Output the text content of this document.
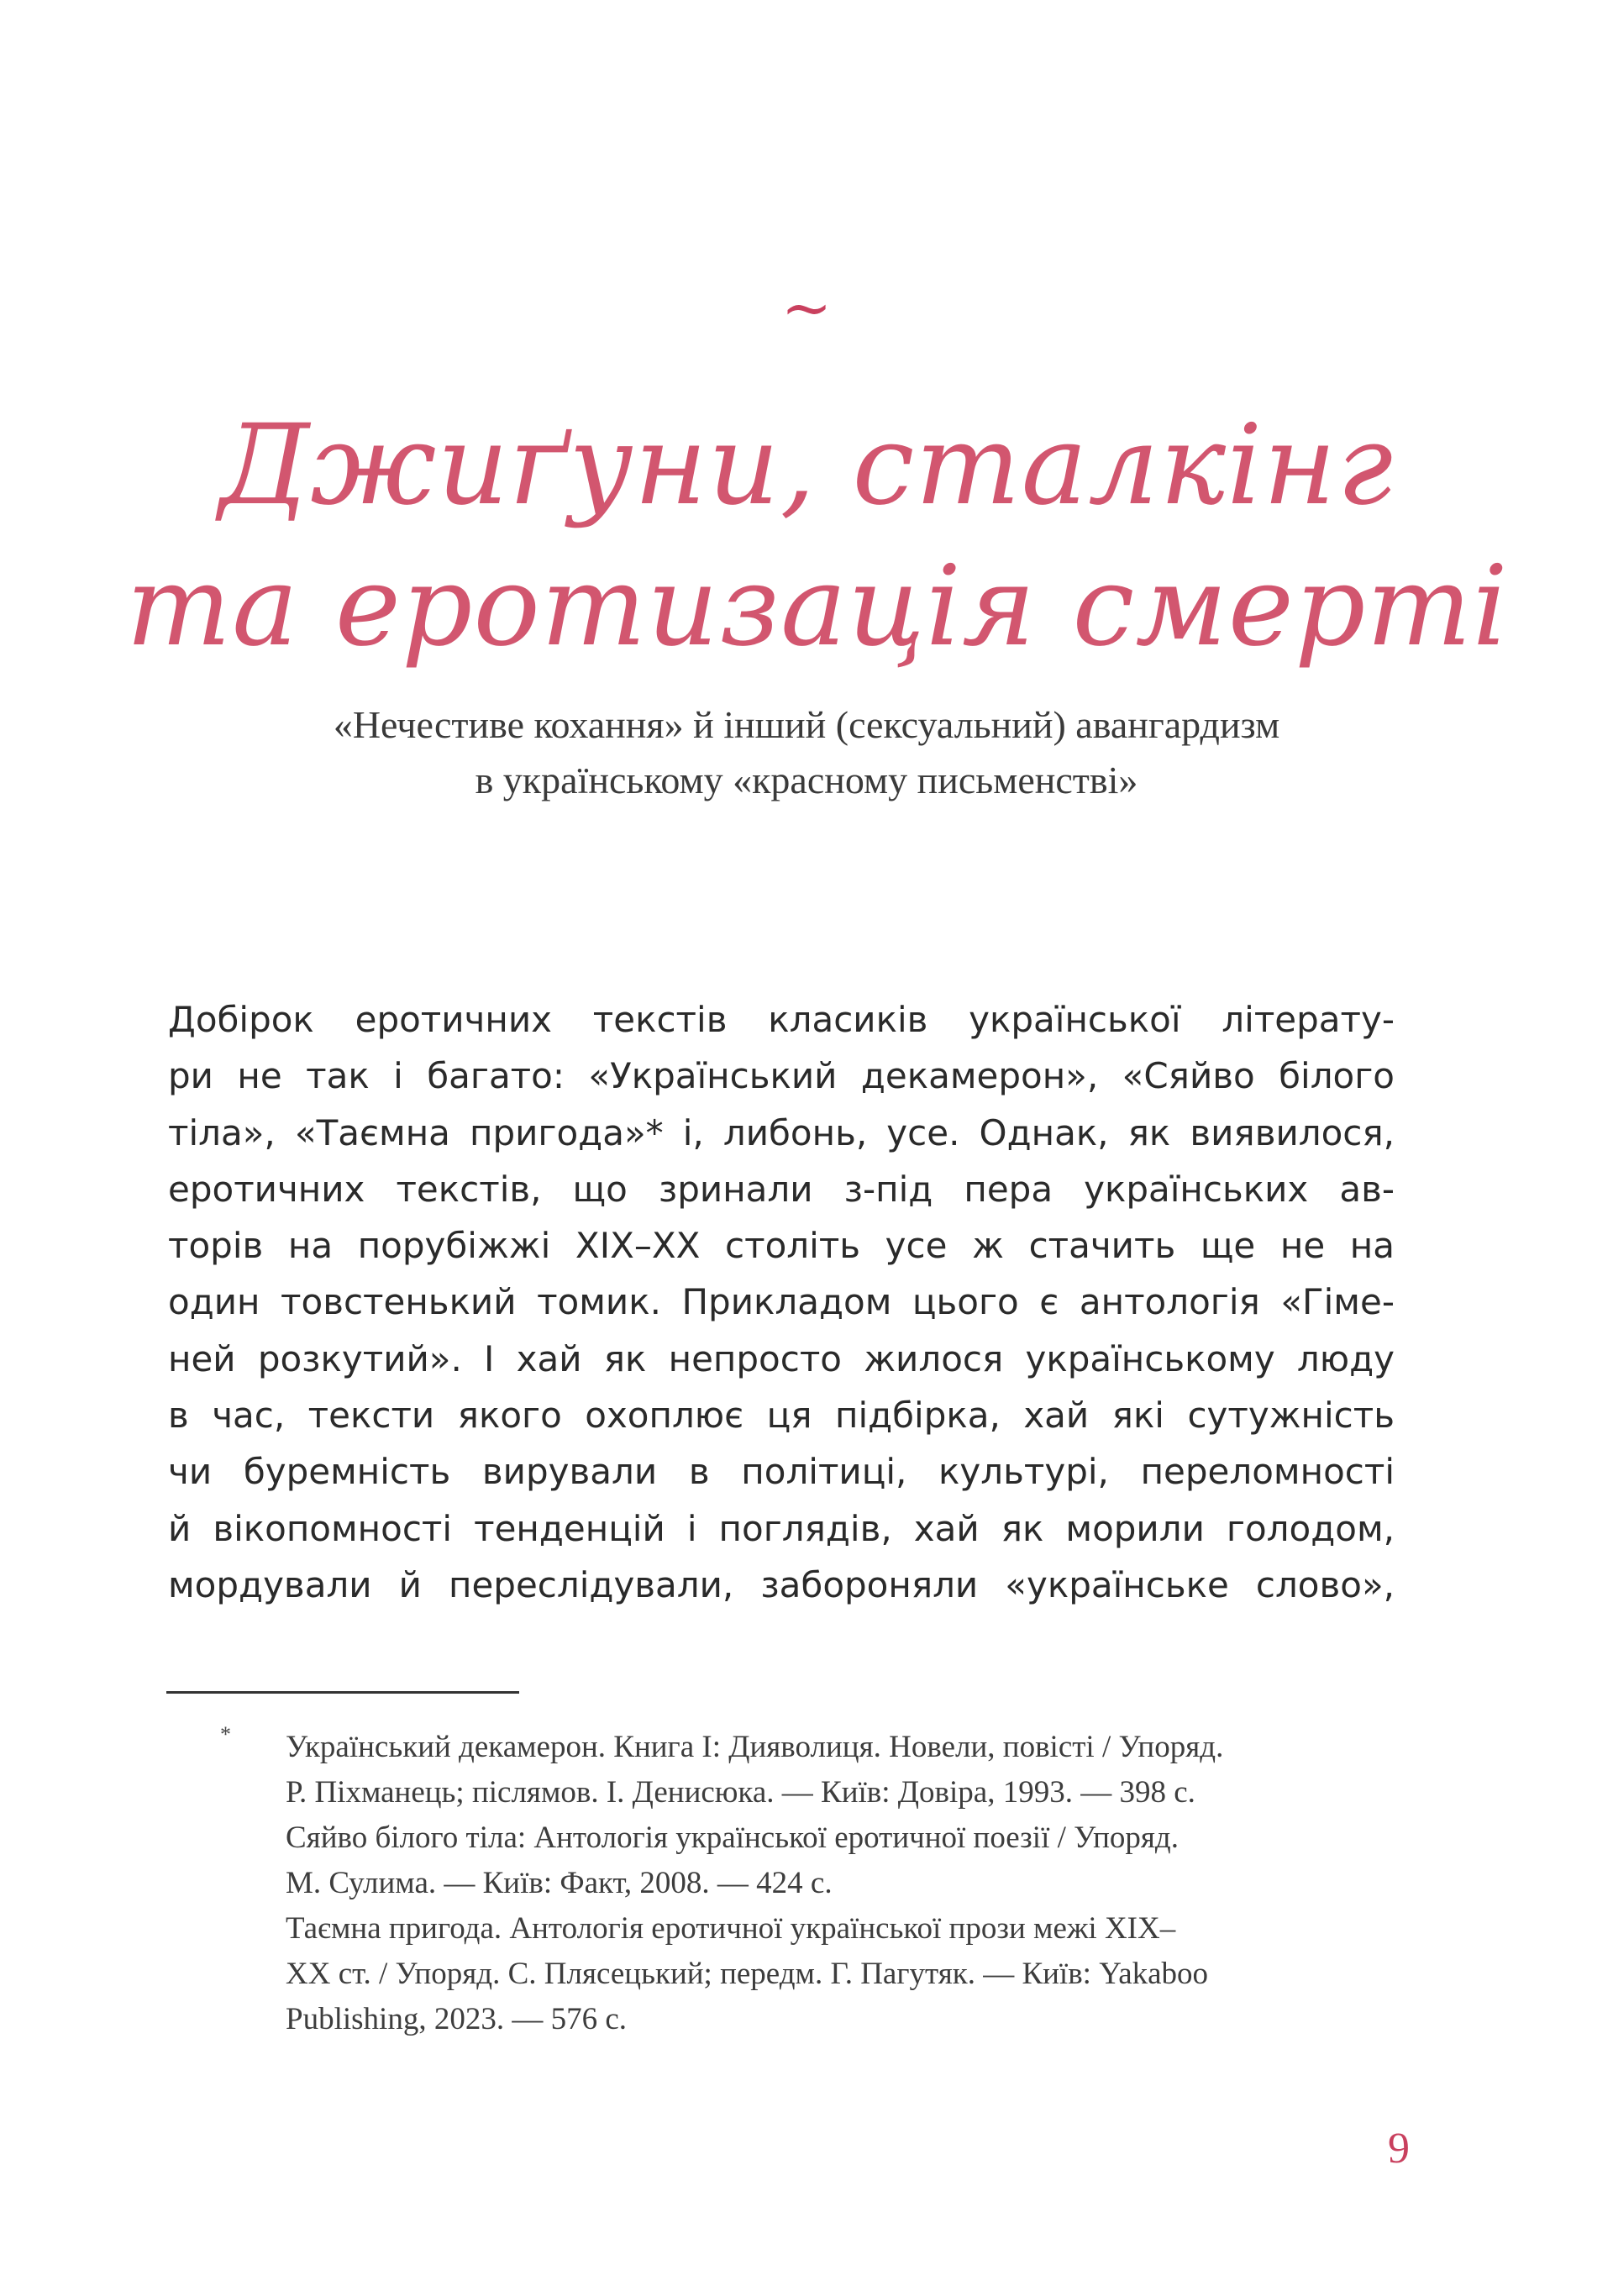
~
Джиґуни, сталкінг
та еротизація смерті
«Нечестиве кохання» й інший (сексуальний) авангардизм
в українському «красному письменстві»
Добірок еротичних текстів класиків української літерату-
ри не так і багато: «Український декамерон», «Сяйво білого
тіла», «Таємна пригода»* і, либонь, усе. Однак, як виявилося,
еротичних текстів, що зринали з-під пера українських ав-
торів на порубіжжі XIX–XX століть усе ж стачить ще не на
один товстенький томик. Прикладом цього є антологія «Гіме-
ней розкутий». І хай як непросто жилося українському люду
в час, тексти якого охоплює ця підбірка, хай які сутужність
чи буремність вирували в політиці, культурі, переломності
й вікопомності тенденцій і поглядів, хай як морили голодом,
мордували й переслідували, забороняли «українське слово»,
* Український декамерон. Книга I: Дияволиця. Новели, повісті / Упоряд.
Р. Піхманець; післямов. І. Денисюка. — Київ: Довіра, 1993. — 398 с.
Сяйво білого тіла: Антологія української еротичної поезії / Упоряд.
М. Сулима. — Київ: Факт, 2008. — 424 с.
Таємна пригода. Антологія еротичної української прози межі XIX–
XX ст. / Упоряд. С. Плясецький; передм. Г. Пагутяк. — Київ: Yakaboo
Publishing, 2023. — 576 с.
9
